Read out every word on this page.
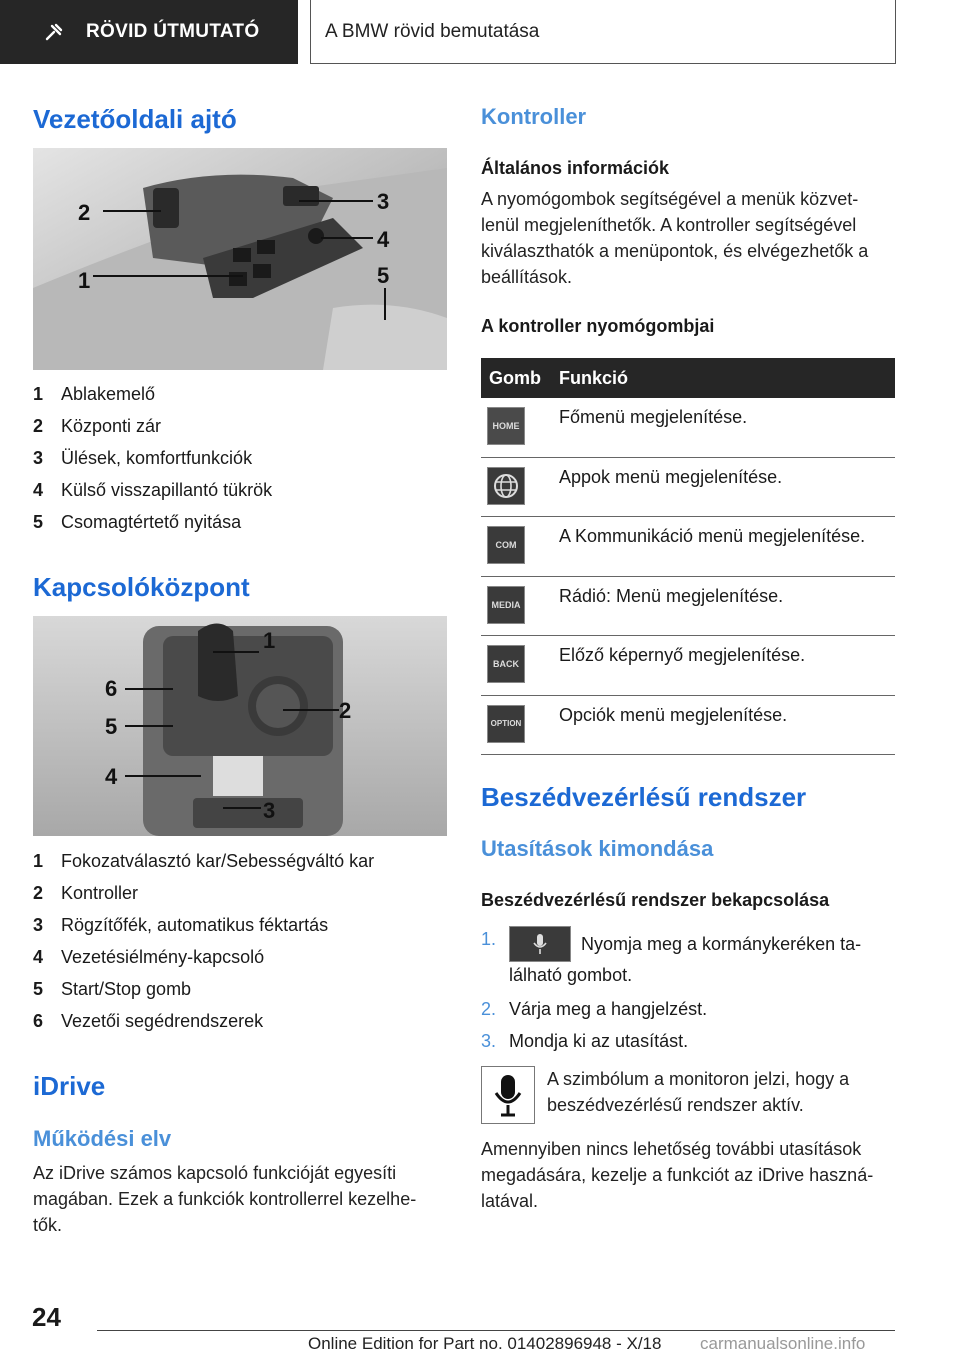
RÖVID ÚTMUTATÓ	A BMW rövid bemutatása
Vezetőoldali ajtó
2
1
3
4
5
1 Ablakemelő
2 Központi zár
3 Ülések, komfortfunkciók
4 Külső visszapillantó tükrök
5 Csomagtértető nyitása
Kapcsolóközpont
1
6
5
2
4
3
1 Fokozatválasztó kar/Sebességváltó kar
2 Kontroller
3 Rögzítőfék, automatikus féktartás
4 Vezetésiélmény-kapcsoló
5 Start/Stop gomb
6 Vezetői segédrendszerek
iDrive
Működési elv
Az iDrive számos kapcsoló funkcióját egyesíti
magában. Ezek a funkciók kontrollerrel kezelhe-
tők.
Kontroller
Általános információk
A nyomógombok segítségével a menük közvet-
lenül megjeleníthetők. A kontroller segítségével
kiválaszthatók a menüpontok, és elvégezhetők a
beállítások.
A kontroller nyomógombjai
Gomb	Funkció
HOME	Főmenü megjelenítése.
Appok menü megjelenítése.
COM	A Kommunikáció menü megjelenítése.
MEDIA Rádió: Menü megjelenítése.
BACK	Előző képernyő megjelenítése.
OPTION Opciók menü megjelenítése.
Beszédvezérlésű rendszer
Utasítások kimondása
Beszédvezérlésű rendszer bekapcsolása
1.	Nyomja meg a kormánykeréken ta-
lálható gombot.
2. Várja meg a hangjelzést.
3. Mondja ki az utasítást.
A szimbólum a monitoron jelzi, hogy a
beszédvezérlésű rendszer aktív.
Amennyiben nincs lehetőség további utasítások
megadására, kezelje a funkciót az iDrive haszná-
latával.
24
Online Edition for Part no. 01402896948 - X/18 carmanualsonline.info
